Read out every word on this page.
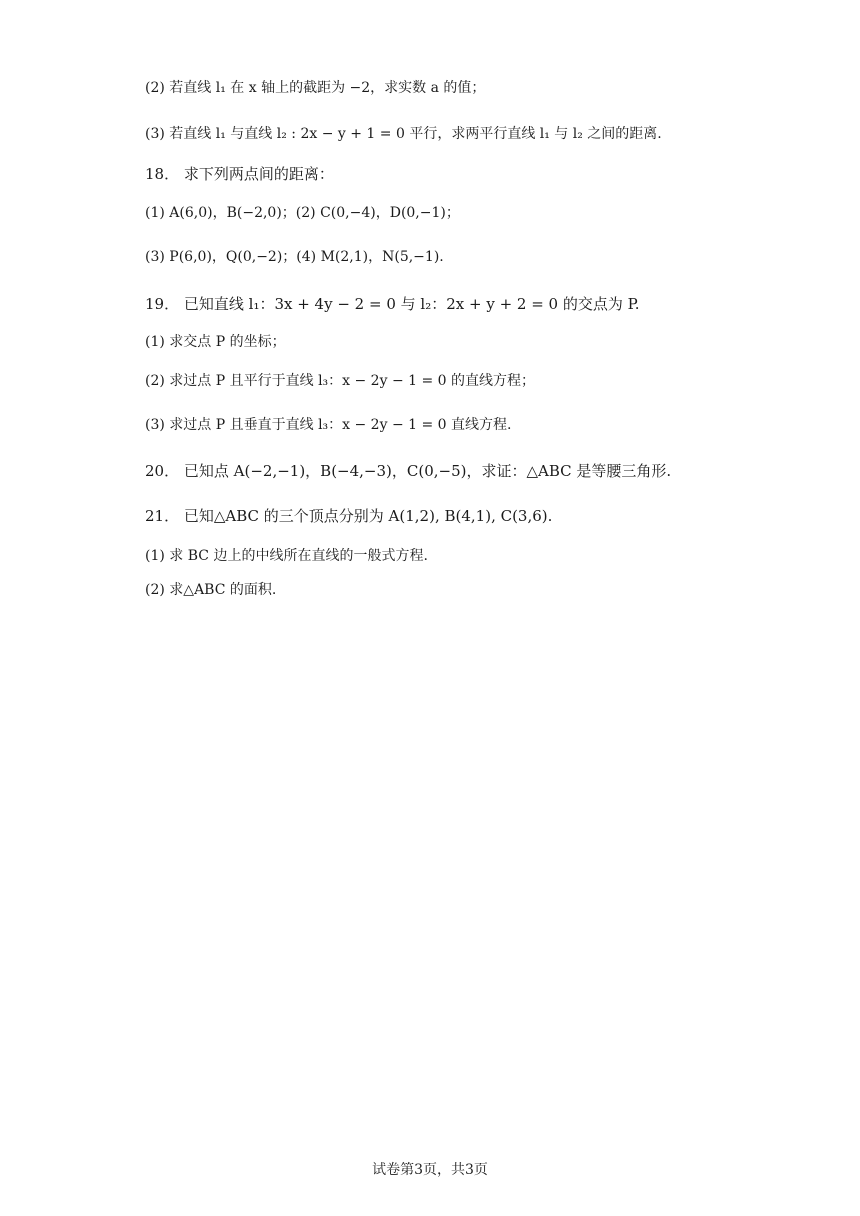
(2) 若直线 l₁ 在 x 轴上的截距为 −2，求实数 a 的值；
(3) 若直线 l₁ 与直线 l₂ : 2x − y + 1 = 0 平行，求两平行直线 l₁ 与 l₂ 之间的距离.
18． 求下列两点间的距离：
(1) A(6,0)，B(−2,0)；(2) C(0,−4)，D(0,−1)；
(3) P(6,0)，Q(0,−2)；(4) M(2,1)，N(5,−1).
19． 已知直线 l₁：3x + 4y − 2 = 0 与 l₂：2x + y + 2 = 0 的交点为 P.
(1) 求交点 P 的坐标；
(2) 求过点 P 且平行于直线 l₃：x − 2y − 1 = 0 的直线方程；
(3) 求过点 P 且垂直于直线 l₃：x − 2y − 1 = 0 直线方程.
20． 已知点 A(−2,−1)，B(−4,−3)，C(0,−5)，求证：△ABC 是等腰三角形.
21． 已知△ABC 的三个顶点分别为 A(1,2), B(4,1), C(3,6).
(1) 求 BC 边上的中线所在直线的一般式方程.
(2) 求△ABC 的面积.
试卷第3页，共3页
